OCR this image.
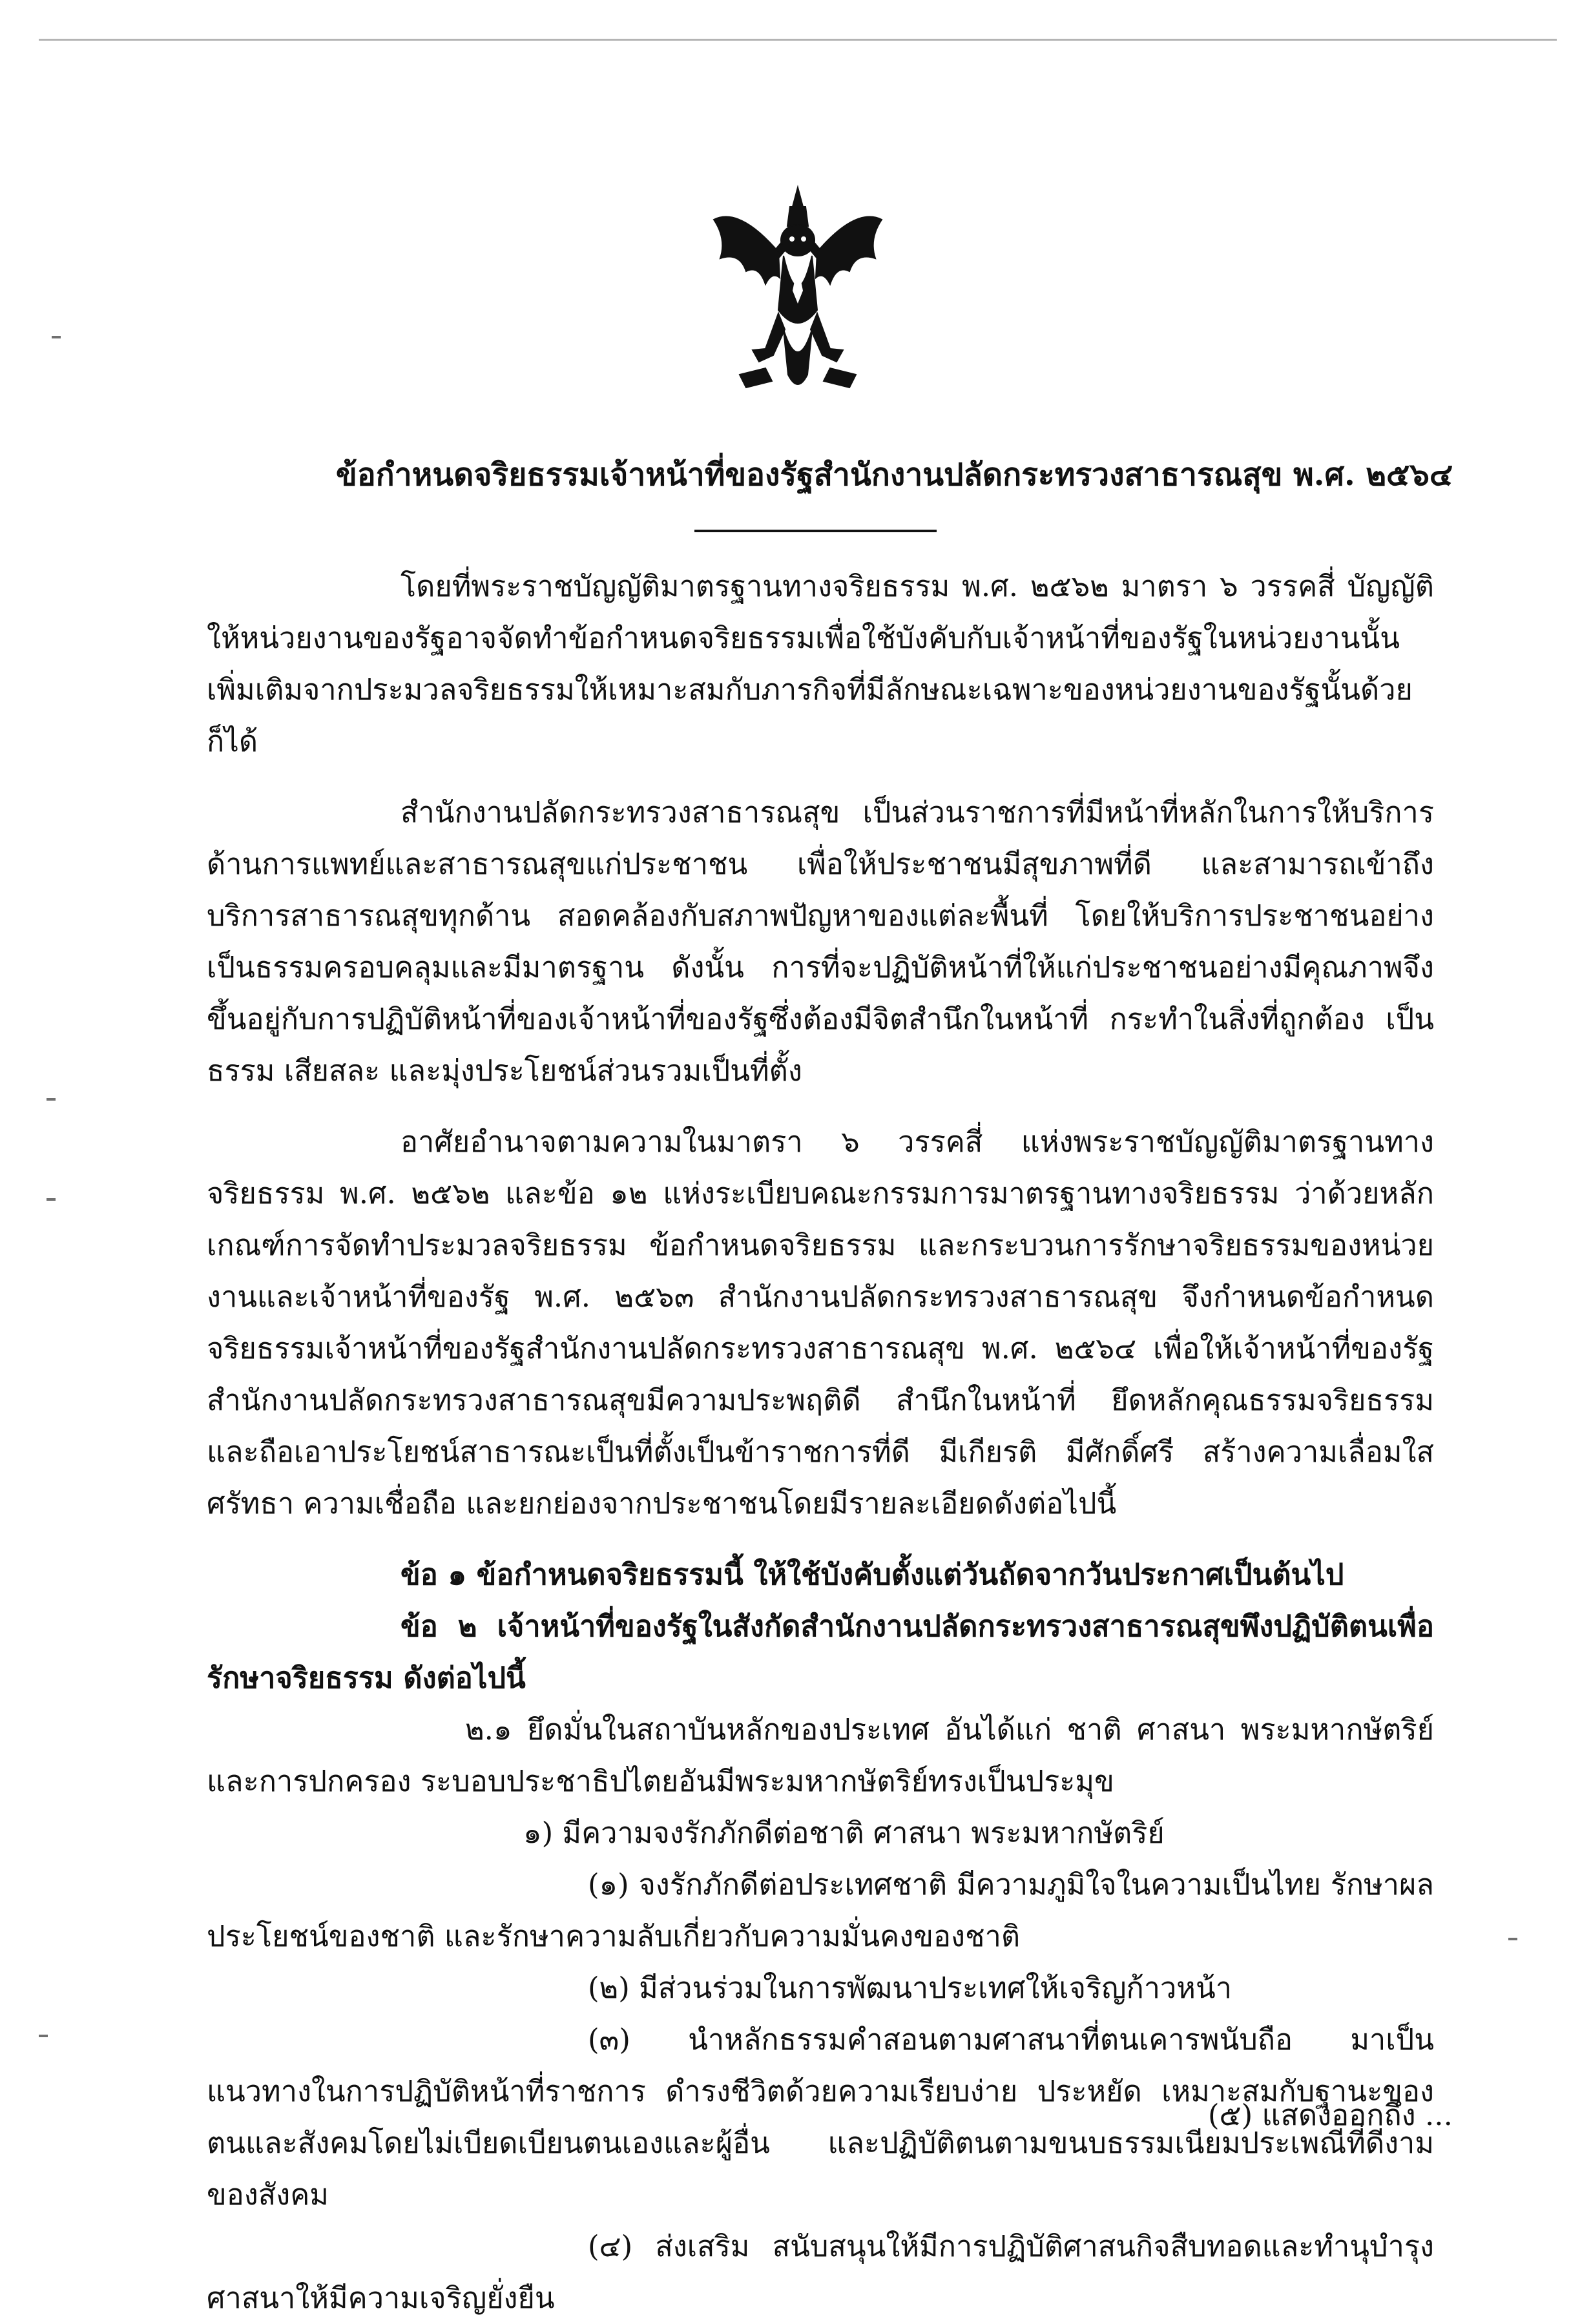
ข้อกำหนดจริยธรรมเจ้าหน้าที่ของรัฐสำนักงานปลัดกระทรวงสาธารณสุข พ.ศ. ๒๕๖๔

โดยที่พระราชบัญญัติมาตรฐานทางจริยธรรม พ.ศ. ๒๕๖๒ มาตรา ๖ วรรคสี่ บัญญัติให้หน่วยงานของรัฐอาจจัดทำข้อกำหนดจริยธรรมเพื่อใช้บังคับกับเจ้าหน้าที่ของรัฐในหน่วยงานนั้นเพิ่มเติมจากประมวลจริยธรรมให้เหมาะสมกับภารกิจที่มีลักษณะเฉพาะของหน่วยงานของรัฐนั้นด้วยก็ได้

สำนักงานปลัดกระทรวงสาธารณสุข เป็นส่วนราชการที่มีหน้าที่หลักในการให้บริการด้านการแพทย์และสาธารณสุขแก่ประชาชน เพื่อให้ประชาชนมีสุขภาพที่ดี และสามารถเข้าถึงบริการสาธารณสุขทุกด้าน สอดคล้องกับสภาพปัญหาของแต่ละพื้นที่ โดยให้บริการประชาชนอย่างเป็นธรรมครอบคลุมและมีมาตรฐาน ดังนั้น การที่จะปฏิบัติหน้าที่ให้แก่ประชาชนอย่างมีคุณภาพจึงขึ้นอยู่กับการปฏิบัติหน้าที่ของเจ้าหน้าที่ของรัฐซึ่งต้องมีจิตสำนึกในหน้าที่ กระทำในสิ่งที่ถูกต้อง เป็นธรรม เสียสละ และมุ่งประโยชน์ส่วนรวมเป็นที่ตั้ง

อาศัยอำนาจตามความในมาตรา ๖ วรรคสี่ แห่งพระราชบัญญัติมาตรฐานทางจริยธรรม พ.ศ. ๒๕๖๒ และข้อ ๑๒ แห่งระเบียบคณะกรรมการมาตรฐานทางจริยธรรม ว่าด้วยหลักเกณฑ์การจัดทำประมวลจริยธรรม ข้อกำหนดจริยธรรม และกระบวนการรักษาจริยธรรมของหน่วยงานและเจ้าหน้าที่ของรัฐ พ.ศ. ๒๕๖๓ สำนักงานปลัดกระทรวงสาธารณสุข จึงกำหนดข้อกำหนดจริยธรรมเจ้าหน้าที่ของรัฐสำนักงานปลัดกระทรวงสาธารณสุข พ.ศ. ๒๕๖๔ เพื่อให้เจ้าหน้าที่ของรัฐสำนักงานปลัดกระทรวงสาธารณสุขมีความประพฤติดี สำนึกในหน้าที่ ยึดหลักคุณธรรมจริยธรรม และถือเอาประโยชน์สาธารณะเป็นที่ตั้งเป็นข้าราชการที่ดี มีเกียรติ มีศักดิ์ศรี สร้างความเลื่อมใสศรัทธา ความเชื่อถือ และยกย่องจากประชาชนโดยมีรายละเอียดดังต่อไปนี้

ข้อ ๑ ข้อกำหนดจริยธรรมนี้ ให้ใช้บังคับตั้งแต่วันถัดจากวันประกาศเป็นต้นไป

ข้อ ๒ เจ้าหน้าที่ของรัฐในสังกัดสำนักงานปลัดกระทรวงสาธารณสุขพึงปฏิบัติตนเพื่อรักษาจริยธรรม ดังต่อไปนี้

๒.๑ ยึดมั่นในสถาบันหลักของประเทศ อันได้แก่ ชาติ ศาสนา พระมหากษัตริย์และการปกครอง ระบอบประชาธิปไตยอันมีพระมหากษัตริย์ทรงเป็นประมุข

๑) มีความจงรักภักดีต่อชาติ ศาสนา พระมหากษัตริย์

(๑) จงรักภักดีต่อประเทศชาติ มีความภูมิใจในความเป็นไทย รักษาผลประโยชน์ของชาติ และรักษาความลับเกี่ยวกับความมั่นคงของชาติ

(๒) มีส่วนร่วมในการพัฒนาประเทศให้เจริญก้าวหน้า

(๓) นำหลักธรรมคำสอนตามศาสนาที่ตนเคารพนับถือ มาเป็นแนวทางในการปฏิบัติหน้าที่ราชการ ดำรงชีวิตด้วยความเรียบง่าย ประหยัด เหมาะสมกับฐานะของตนและสังคมโดยไม่เบียดเบียนตนเองและผู้อื่น และปฏิบัติตนตามขนบธรรมเนียมประเพณีที่ดีงามของสังคม

(๔) ส่งเสริม สนับสนุนให้มีการปฏิบัติศาสนกิจสืบทอดและทำนุบำรุงศาสนาให้มีความเจริญยั่งยืน

(๕) แสดงออกถึง ...
